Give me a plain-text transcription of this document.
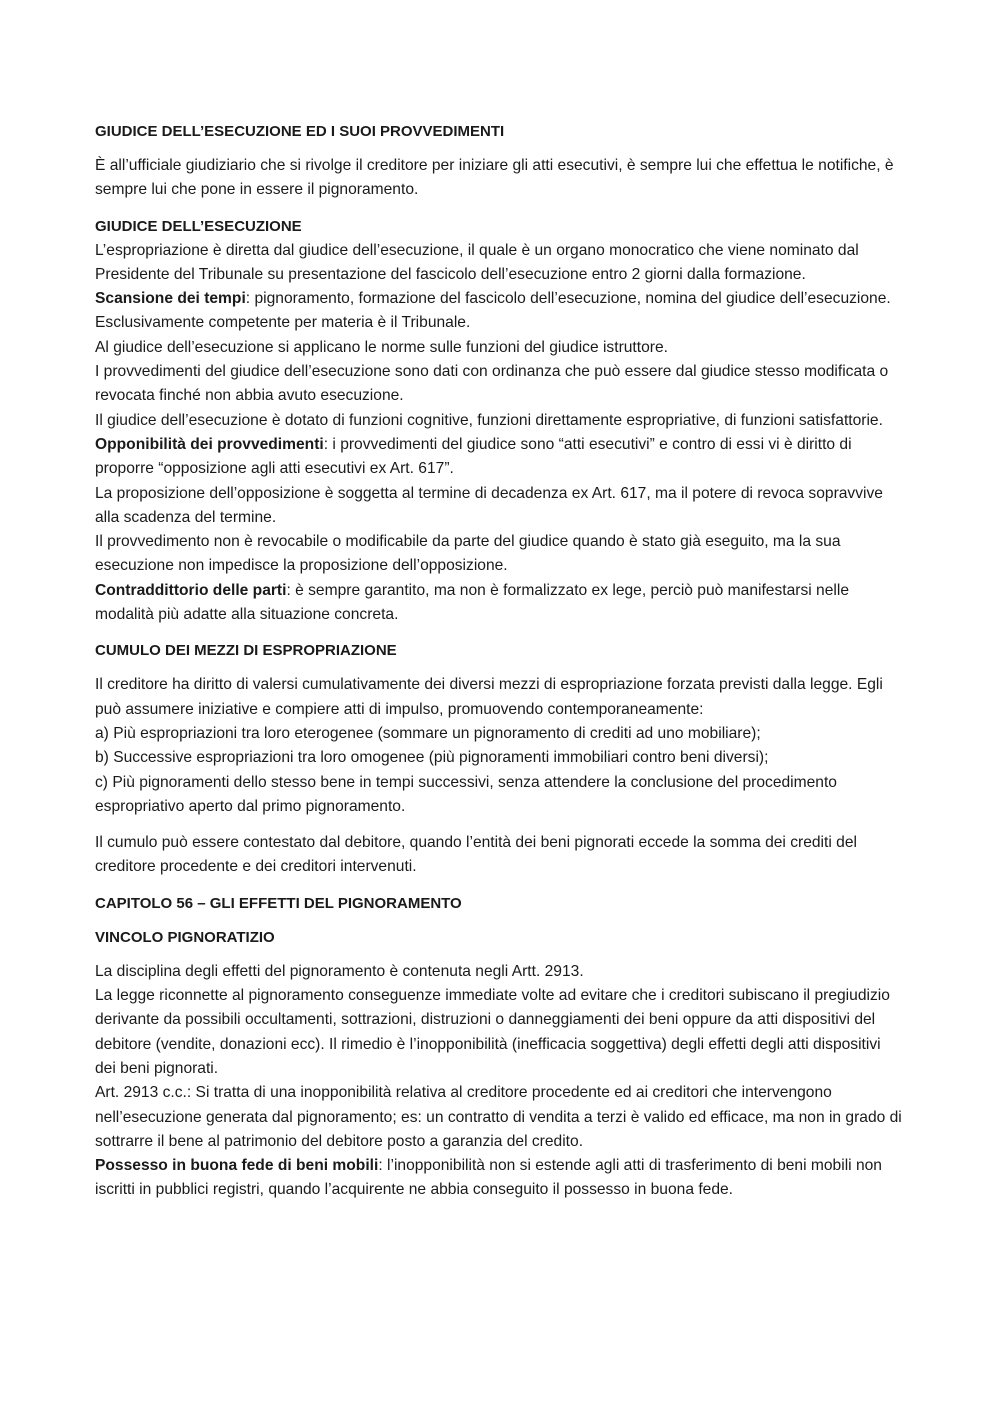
GIUDICE DELL’ESECUZIONE ED I SUOI PROVVEDIMENTI

È all’ufficiale giudiziario che si rivolge il creditore per iniziare gli atti esecutivi, è sempre lui che effettua le notifiche, è sempre lui che pone in essere il pignoramento.

GIUDICE DELL’ESECUZIONE

L’espropriazione è diretta dal giudice dell’esecuzione, il quale è un organo monocratico che viene nominato dal Presidente del Tribunale su presentazione del fascicolo dell’esecuzione entro 2 giorni dalla formazione.

Scansione dei tempi: pignoramento, formazione del fascicolo dell’esecuzione, nomina del giudice dell’esecuzione.

Esclusivamente competente per materia è il Tribunale.

Al giudice dell’esecuzione si applicano le norme sulle funzioni del giudice istruttore.

I provvedimenti del giudice dell’esecuzione sono dati con ordinanza che può essere dal giudice stesso modificata o revocata finché non abbia avuto esecuzione.

Il giudice dell’esecuzione è dotato di funzioni cognitive, funzioni direttamente espropriative, di funzioni satisfattorie.

Opponibilità dei provvedimenti: i provvedimenti del giudice sono “atti esecutivi” e contro di essi vi è diritto di proporre “opposizione agli atti esecutivi ex Art. 617”.

La proposizione dell’opposizione è soggetta al termine di decadenza ex Art. 617, ma il potere di revoca sopravvive alla scadenza del termine.

Il provvedimento non è revocabile o modificabile da parte del giudice quando è stato già eseguito, ma la sua esecuzione non impedisce la proposizione dell’opposizione.

Contraddittorio delle parti: è sempre garantito, ma non è formalizzato ex lege, perciò può manifestarsi nelle modalità più adatte alla situazione concreta.

CUMULO DEI MEZZI DI ESPROPRIAZIONE

Il creditore ha diritto di valersi cumulativamente dei diversi mezzi di espropriazione forzata previsti dalla legge. Egli può assumere iniziative e compiere atti di impulso, promuovendo contemporaneamente:

a) Più espropriazioni tra loro eterogenee (sommare un pignoramento di crediti ad uno mobiliare);

b) Successive espropriazioni tra loro omogenee (più pignoramenti immobiliari contro beni diversi);

c) Più pignoramenti dello stesso bene in tempi successivi, senza attendere la conclusione del procedimento espropriativo aperto dal primo pignoramento.

Il cumulo può essere contestato dal debitore, quando l’entità dei beni pignorati eccede la somma dei crediti del creditore procedente e dei creditori intervenuti.

CAPITOLO 56 – GLI EFFETTI DEL PIGNORAMENTO
VINCOLO PIGNORATIZIO

La disciplina degli effetti del pignoramento è contenuta negli Artt. 2913.

La legge riconnette al pignoramento conseguenze immediate volte ad evitare che i creditori subiscano il pregiudizio derivante da possibili occultamenti, sottrazioni, distruzioni o danneggiamenti dei beni oppure da atti dispositivi del debitore (vendite, donazioni ecc). Il rimedio è l’inopponibilità (inefficacia soggettiva) degli effetti degli atti dispositivi dei beni pignorati.

Art. 2913 c.c.: Si tratta di una inopponibilità relativa al creditore procedente ed ai creditori che intervengono nell’esecuzione generata dal pignoramento; es: un contratto di vendita a terzi è valido ed efficace, ma non in grado di sottrarre il bene al patrimonio del debitore posto a garanzia del credito.

Possesso in buona fede di beni mobili: l’inopponibilità non si estende agli atti di trasferimento di beni mobili non iscritti in pubblici registri, quando l’acquirente ne abbia conseguito il possesso in buona fede.
